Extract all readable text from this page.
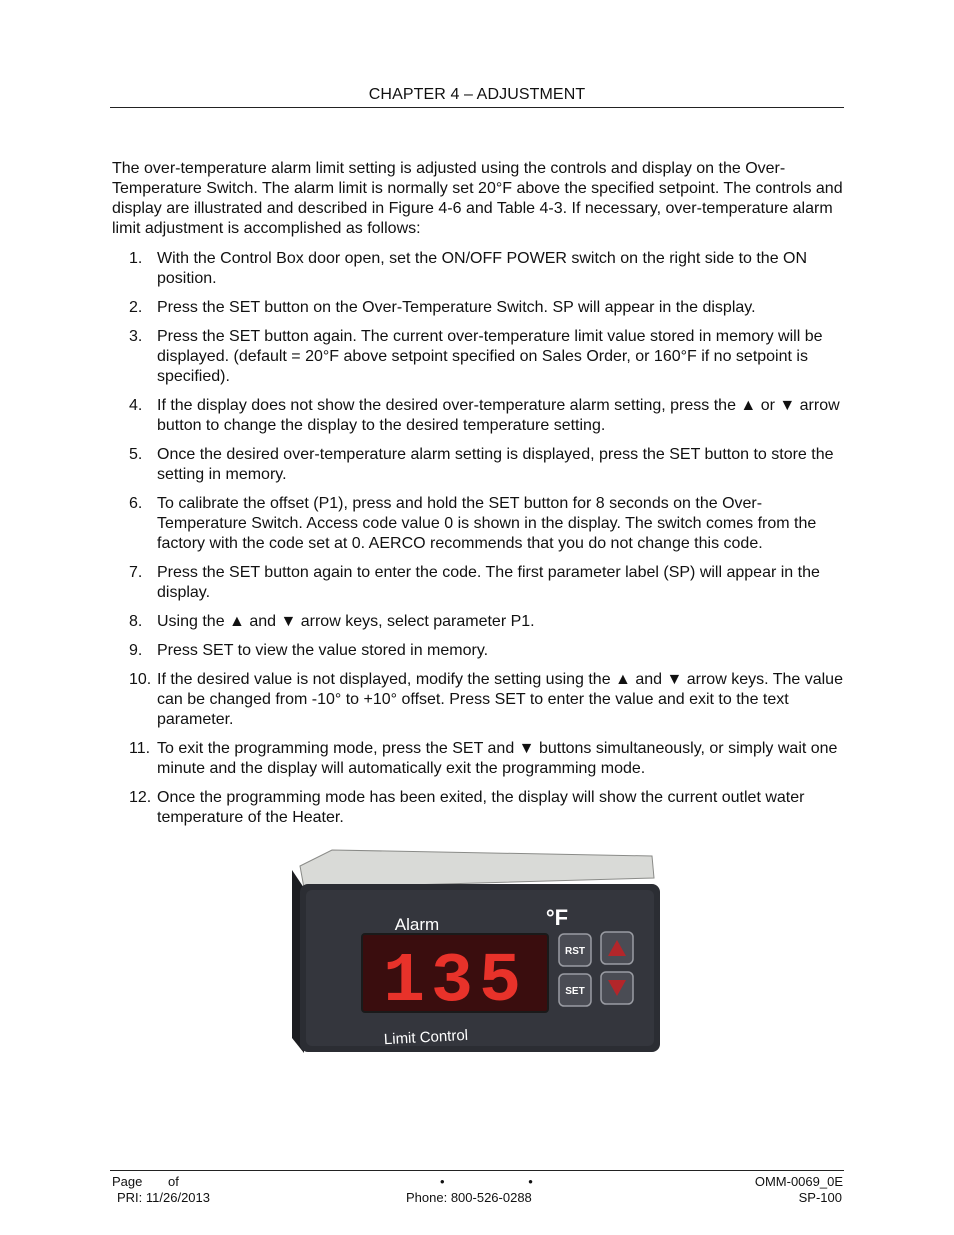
CHAPTER 4 – ADJUSTMENT

The over-temperature alarm limit setting is adjusted using the controls and display on the Over-Temperature Switch. The alarm limit is normally set 20°F above the specified setpoint. The controls and display are illustrated and described in Figure 4-6 and Table 4-3. If necessary, over-temperature alarm limit adjustment is accomplished as follows:

1. With the Control Box door open, set the ON/OFF POWER switch on the right side to the ON position.
2. Press the SET button on the Over-Temperature Switch. SP will appear in the display.
3. Press the SET button again. The current over-temperature limit value stored in memory will be displayed. (default = 20°F above setpoint specified on Sales Order, or 160°F if no setpoint is specified).
4. If the display does not show the desired over-temperature alarm setting, press the ▲ or ▼ arrow button to change the display to the desired temperature setting.
5. Once the desired over-temperature alarm setting is displayed, press the SET button to store the setting in memory.
6. To calibrate the offset (P1), press and hold the SET button for 8 seconds on the Over-Temperature Switch. Access code value 0 is shown in the display. The switch comes from the factory with the code set at 0. AERCO recommends that you do not change this code.
7. Press the SET button again to enter the code. The first parameter label (SP) will appear in the display.
8. Using the ▲ and ▼ arrow keys, select parameter P1.
9. Press SET to view the value stored in memory.
10. If the desired value is not displayed, modify the setting using the ▲ and ▼ arrow keys. The value can be changed from -10° to +10° offset. Press SET to enter the value and exit to the text parameter.
11. To exit the programming mode, press the SET and ▼ buttons simultaneously, or simply wait one minute and the display will automatically exit the programming mode.
12. Once the programming mode has been exited, the display will show the current outlet water temperature of the Heater.
Alarm	°F
135	RST
SET
Limit Control
Page of
PRI: 11/26/2013
•	•
Phone: 800-526-0288
OMM-0069_0E
SP-100
